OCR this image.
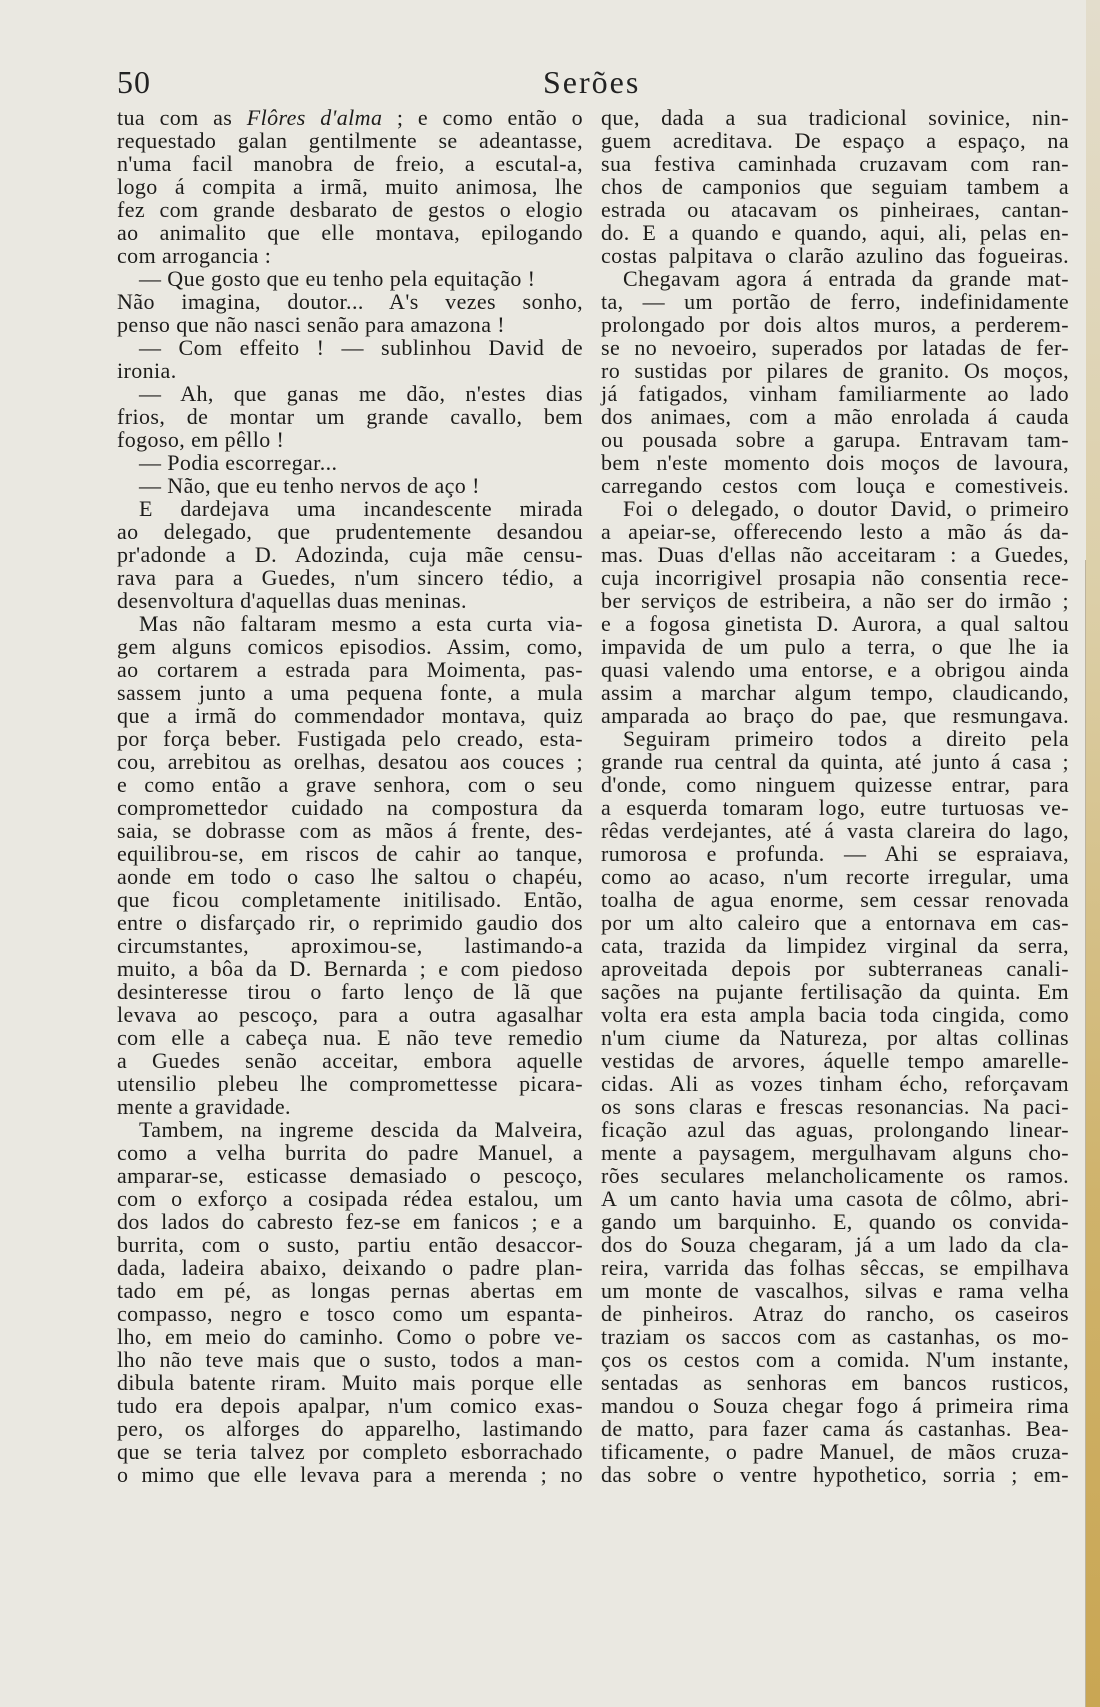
50	Serões
tua com as Flôres d'alma ; e como então o
requestado galan gentilmente se adeantasse,
n'uma facil manobra de freio, a escutal-a,
logo á compita a irmã, muito animosa, lhe
fez com grande desbarato de gestos o elogio
ao animalito que elle montava, epilogando
com arrogancia :
— Que gosto que eu tenho pela equitação !
Não imagina, doutor... A's vezes sonho,
penso que não nasci senão para amazona !
— Com effeito ! — sublinhou David de
ironia.
— Ah, que ganas me dão, n'estes dias
frios, de montar um grande cavallo, bem
fogoso, em pêllo !
— Podia escorregar...
— Não, que eu tenho nervos de aço !
E dardejava uma incandescente mirada
ao delegado, que prudentemente desandou
pr'adonde a D. Adozinda, cuja mãe censu-
rava para a Guedes, n'um sincero tédio, a
desenvoltura d'aquellas duas meninas.
Mas não faltaram mesmo a esta curta via-
gem alguns comicos episodios. Assim, como,
ao cortarem a estrada para Moimenta, pas-
sassem junto a uma pequena fonte, a mula
que a irmã do commendador montava, quiz
por força beber. Fustigada pelo creado, esta-
cou, arrebitou as orelhas, desatou aos couces ;
e como então a grave senhora, com o seu
compromettedor cuidado na compostura da
saia, se dobrasse com as mãos á frente, des-
equilibrou-se, em riscos de cahir ao tanque,
aonde em todo o caso lhe saltou o chapéu,
que ficou completamente initilisado. Então,
entre o disfarçado rir, o reprimido gaudio dos
circumstantes, aproximou-se, lastimando-a
muito, a bôa da D. Bernarda ; e com piedoso
desinteresse tirou o farto lenço de lã que
levava ao pescoço, para a outra agasalhar
com elle a cabeça nua. E não teve remedio
a Guedes senão acceitar, embora aquelle
utensilio plebeu lhe compromettesse picara-
mente a gravidade.
Tambem, na ingreme descida da Malveira,
como a velha burrita do padre Manuel, a
amparar-se, esticasse demasiado o pescoço,
com o exforço a cosipada rédea estalou, um
dos lados do cabresto fez-se em fanicos ; e a
burrita, com o susto, partiu então desaccor-
dada, ladeira abaixo, deixando o padre plan-
tado em pé, as longas pernas abertas em
compasso, negro e tosco como um espanta-
lho, em meio do caminho. Como o pobre ve-
lho não teve mais que o susto, todos a man-
dibula batente riram. Muito mais porque elle
tudo era depois apalpar, n'um comico exas-
pero, os alforges do apparelho, lastimando
que se teria talvez por completo esborrachado
o mimo que elle levava para a merenda ; no
que, dada a sua tradicional sovinice, nin-
guem acreditava. De espaço a espaço, na
sua festiva caminhada cruzavam com ran-
chos de camponios que seguiam tambem a
estrada ou atacavam os pinheiraes, cantan-
do. E a quando e quando, aqui, ali, pelas en-
costas palpitava o clarão azulino das fogueiras.
Chegavam agora á entrada da grande mat-
ta, — um portão de ferro, indefinidamente
prolongado por dois altos muros, a perderem-
se no nevoeiro, superados por latadas de fer-
ro sustidas por pilares de granito. Os moços,
já fatigados, vinham familiarmente ao lado
dos animaes, com a mão enrolada á cauda
ou pousada sobre a garupa. Entravam tam-
bem n'este momento dois moços de lavoura,
carregando cestos com louça e comestiveis.
Foi o delegado, o doutor David, o primeiro
a apeiar-se, offerecendo lesto a mão ás da-
mas. Duas d'ellas não acceitaram : a Guedes,
cuja incorrigivel prosapia não consentia rece-
ber serviços de estribeira, a não ser do irmão ;
e a fogosa ginetista D. Aurora, a qual saltou
impavida de um pulo a terra, o que lhe ia
quasi valendo uma entorse, e a obrigou ainda
assim a marchar algum tempo, claudicando,
amparada ao braço do pae, que resmungava.
Seguiram primeiro todos a direito pela
grande rua central da quinta, até junto á casa ;
d'onde, como ninguem quizesse entrar, para
a esquerda tomaram logo, eutre turtuosas ve-
rêdas verdejantes, até á vasta clareira do lago,
rumorosa e profunda. — Ahi se espraiava,
como ao acaso, n'um recorte irregular, uma
toalha de agua enorme, sem cessar renovada
por um alto caleiro que a entornava em cas-
cata, trazida da limpidez virginal da serra,
aproveitada depois por subterraneas canali-
sações na pujante fertilisação da quinta. Em
volta era esta ampla bacia toda cingida, como
n'um ciume da Natureza, por altas collinas
vestidas de arvores, áquelle tempo amarelle-
cidas. Ali as vozes tinham écho, reforçavam
os sons claras e frescas resonancias. Na paci-
ficação azul das aguas, prolongando linear-
mente a paysagem, mergulhavam alguns cho-
rões seculares melancholicamente os ramos.
A um canto havia uma casota de côlmo, abri-
gando um barquinho. E, quando os convida-
dos do Souza chegaram, já a um lado da cla-
reira, varrida das folhas sêccas, se empilhava
um monte de vascalhos, silvas e rama velha
de pinheiros. Atraz do rancho, os caseiros
traziam os saccos com as castanhas, os mo-
ços os cestos com a comida. N'um instante,
sentadas as senhoras em bancos rusticos,
mandou o Souza chegar fogo á primeira rima
de matto, para fazer cama ás castanhas. Bea-
tificamente, o padre Manuel, de mãos cruza-
das sobre o ventre hypothetico, sorria ; em-
